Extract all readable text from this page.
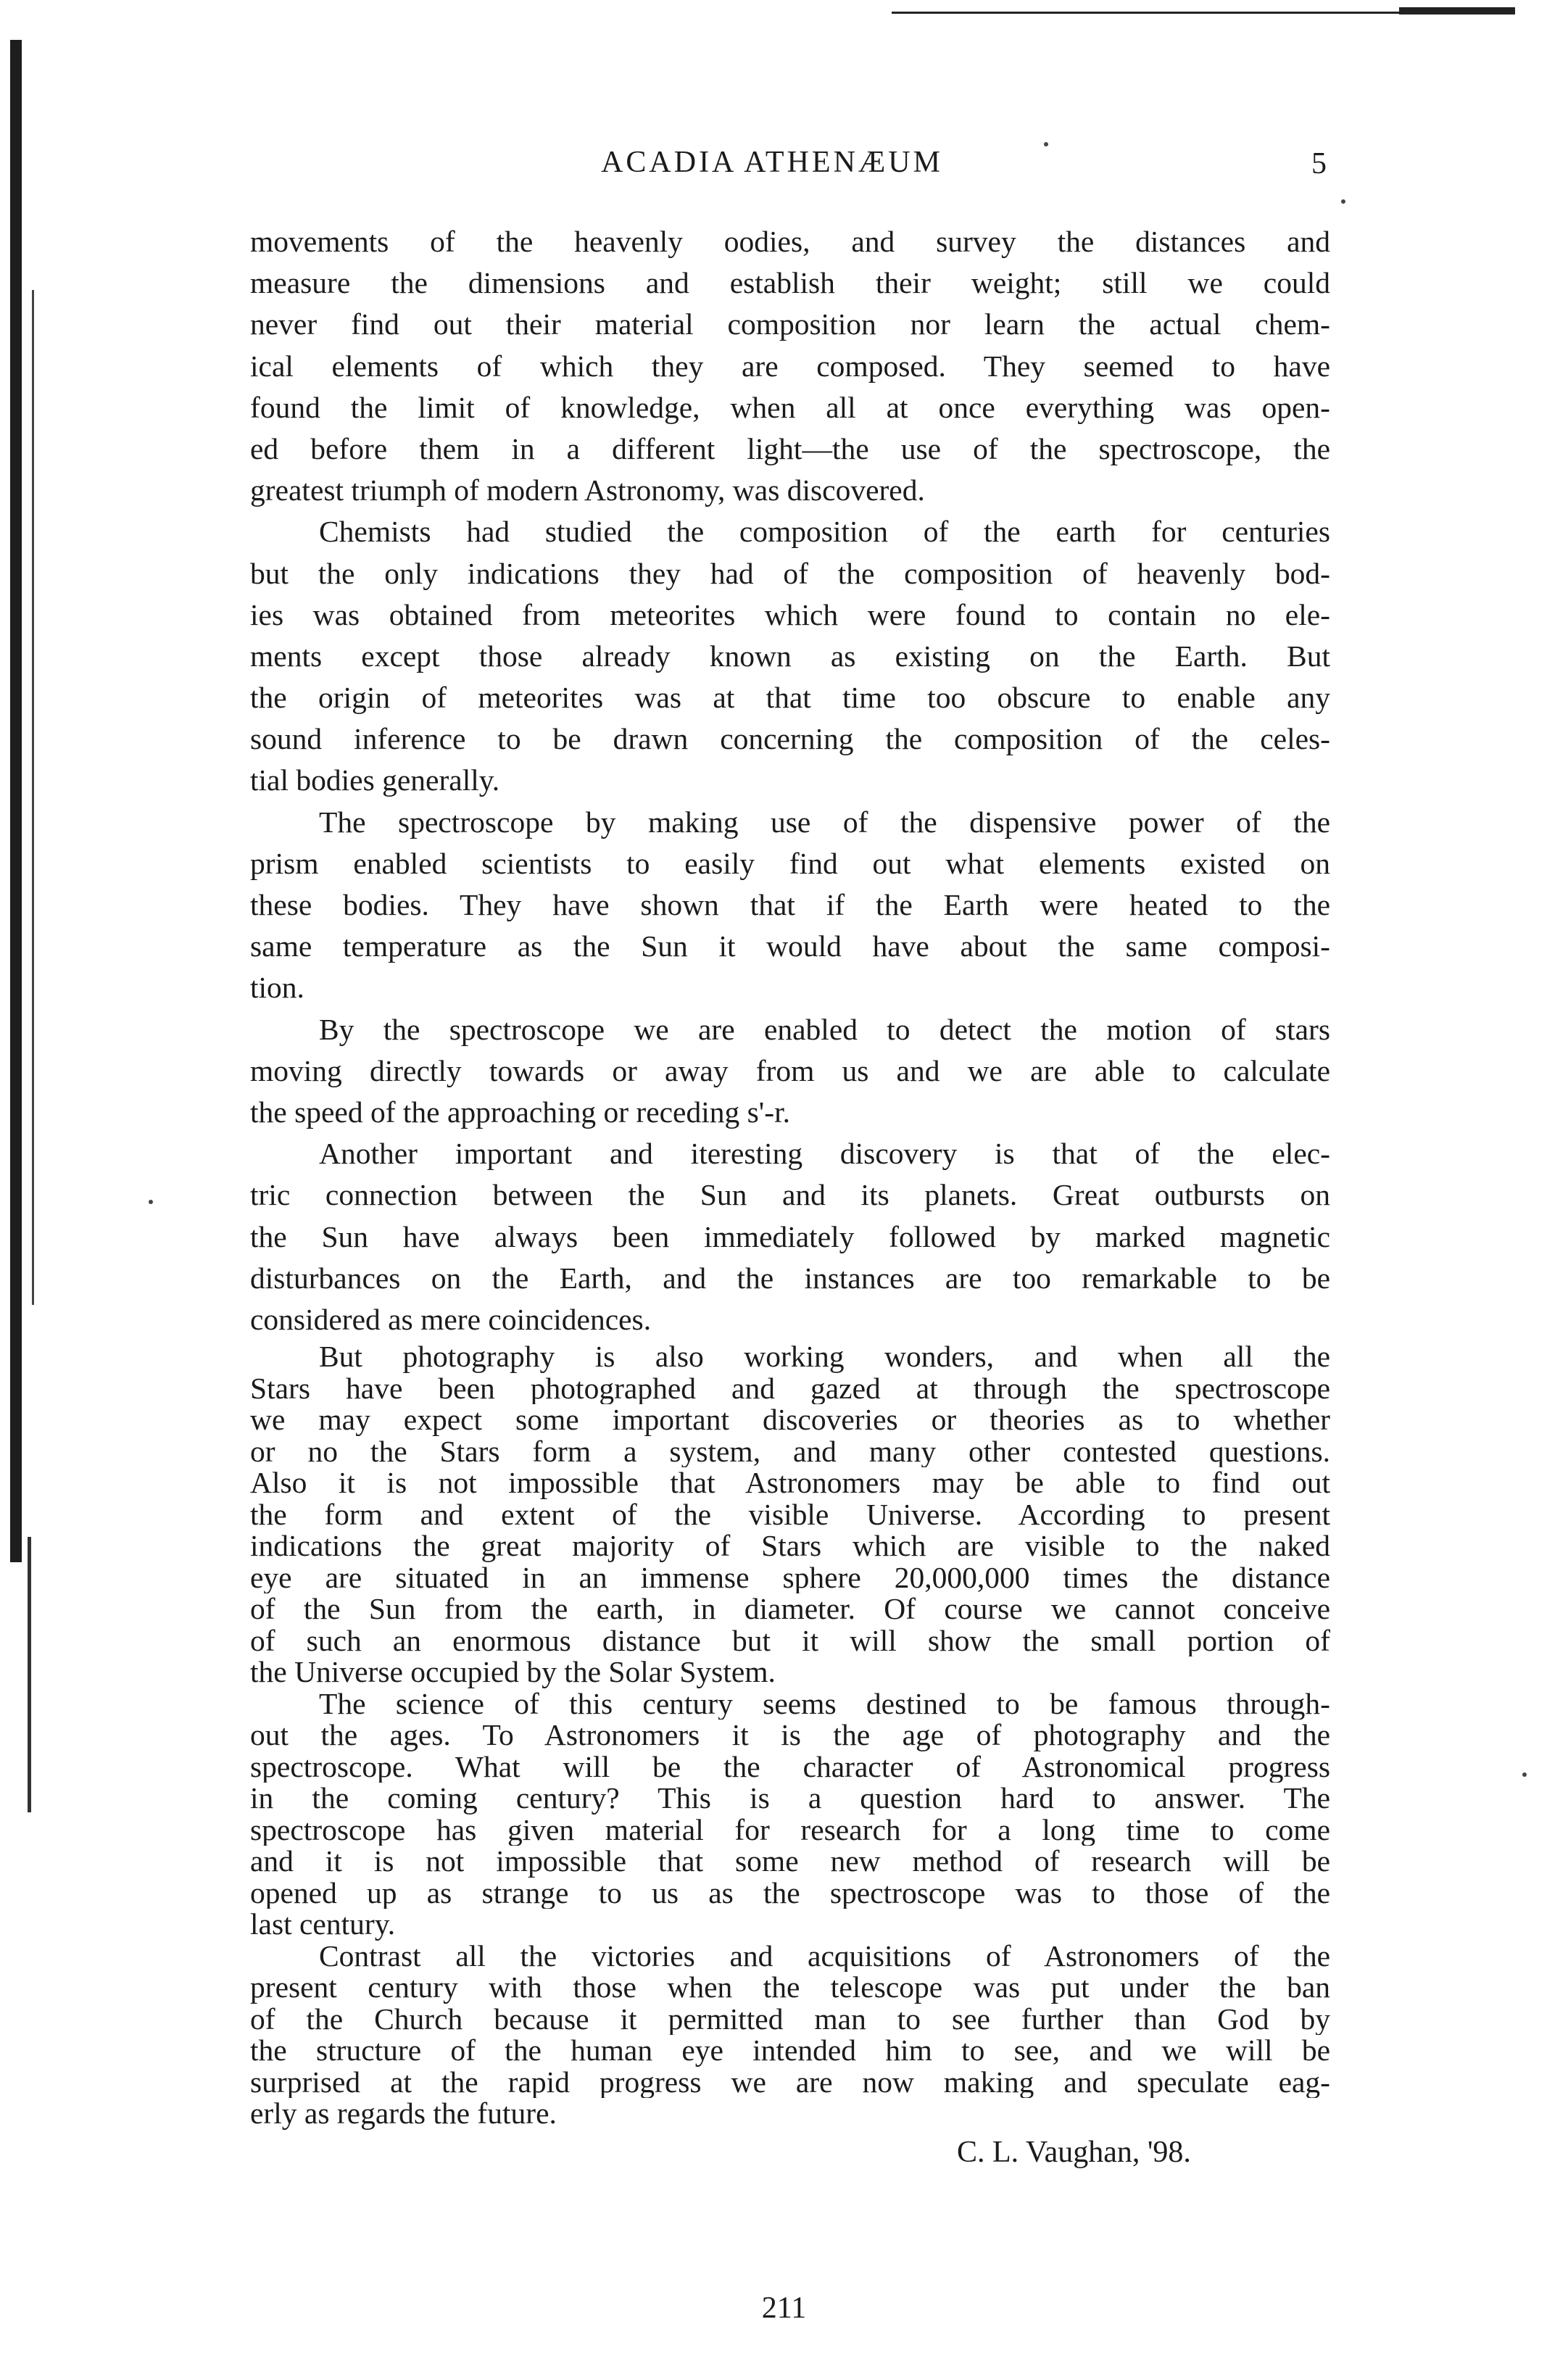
ACADIA ATHENÆUM	5
movements of the heavenly oodies, and survey the distances and
measure the dimensions and establish their weight; still we could
never find out their material composition nor learn the actual chem-
ical elements of which they are composed. They seemed to have
found the limit of knowledge, when all at once everything was open-
ed before them in a different light—the use of the spectroscope, the
greatest triumph of modern Astronomy, was discovered.
Chemists had studied the composition of the earth for centuries
but the only indications they had of the composition of heavenly bod-
ies was obtained from meteorites which were found to contain no ele-
ments except those already known as existing on the Earth. But
the origin of meteorites was at that time too obscure to enable any
sound inference to be drawn concerning the composition of the celes-
tial bodies generally.
The spectroscope by making use of the dispensive power of the
prism enabled scientists to easily find out what elements existed on
these bodies. They have shown that if the Earth were heated to the
same temperature as the Sun it would have about the same composi-
tion.
By the spectroscope we are enabled to detect the motion of stars
moving directly towards or away from us and we are able to calculate
the speed of the approaching or receding s'-r.
Another important and iteresting discovery is that of the elec-
tric connection between the Sun and its planets. Great outbursts on
the Sun have always been immediately followed by marked magnetic
disturbances on the Earth, and the instances are too remarkable to be
considered as mere coincidences.
But photography is also working wonders, and when all the
Stars have been photographed and gazed at through the spectroscope
we may expect some important discoveries or theories as to whether
or no the Stars form a system, and many other contested questions.
Also it is not impossible that Astronomers may be able to find out
the form and extent of the visible Universe. According to present
indications the great majority of Stars which are visible to the naked
eye are situated in an immense sphere 20,000,000 times the distance
of the Sun from the earth, in diameter. Of course we cannot conceive
of such an enormous distance but it will show the small portion of
the Universe occupied by the Solar System.
The science of this century seems destined to be famous through-
out the ages. To Astronomers it is the age of photography and the
spectroscope. What will be the character of Astronomical progress
in the coming century? This is a question hard to answer. The
spectroscope has given material for research for a long time to come
and it is not impossible that some new method of research will be
opened up as strange to us as the spectroscope was to those of the
last century.
Contrast all the victories and acquisitions of Astronomers of the
present century with those when the telescope was put under the ban
of the Church because it permitted man to see further than God by
the structure of the human eye intended him to see, and we will be
surprised at the rapid progress we are now making and speculate eag-
erly as regards the future.
C. L. Vaughan, '98.
211
